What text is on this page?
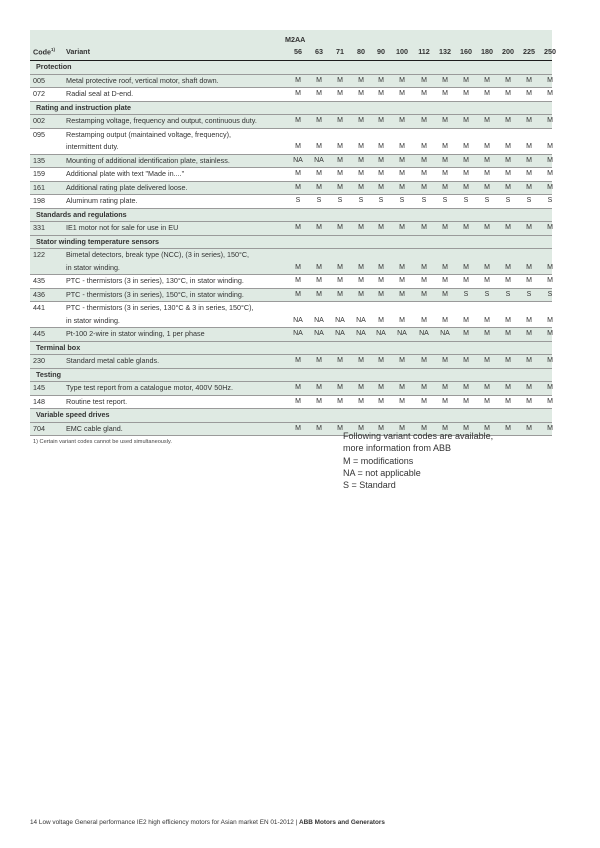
M2AA
Code$^{1)}$ Variant	56	63	71	80	90	100	112	132	160	180	200	225	250
Protection
005	Metal protective roof, vertical motor, shaft down.	M	M	M	M	M	M	M	M	M	M	M	M	M
072	Radial seal at D-end.	M	M	M	M	M	M	M	M	M	M	M	M	M
Rating and instruction plate
002	Restamping voltage, frequency and output, continuous duty.	M	M	M	M	M	M	M	M	M	M	M	M	M
095	Restamping output (maintained voltage, frequency),
intermittent duty.	M	M	M	M	M	M	M	M	M	M	M	M	M
135	Mounting of additional identification plate, stainless.	NA	NA	M	M	M	M	M	M	M	M	M	M	M
159	Additional plate with text "Made in...."	M	M	M	M	M	M	M	M	M	M	M	M	M
161	Additional rating plate delivered loose.	M	M	M	M	M	M	M	M	M	M	M	M	M
198	Aluminum rating plate.	S	S	S	S	S	S	S	S	S	S	S	S	S
Standards and regulations
331	IE1 motor not for sale for use in EU	M	M	M	M	M	M	M	M	M	M	M	M	M
Stator winding temperature sensors
122	Bimetal detectors, break type (NCC), (3 in series), 150°C,
in stator winding.	M	M	M	M	M	M	M	M	M	M	M	M	M
435	PTC - thermistors (3 in series), 130°C, in stator winding.	M	M	M	M	M	M	M	M	M	M	M	M	M
436	PTC - thermistors (3 in series), 150°C, in stator winding.	M	M	M	M	M	M	M	M	S	S	S	S	S
441	PTC - thermistors (3 in series, 130°C & 3 in series, 150°C),
in stator winding.	NA	NA	NA	NA	M	M	M	M	M	M	M	M	M
445	Pt-100 2-wire in stator winding, 1 per phase	NA	NA	NA	NA	NA	NA	NA	NA	M	M	M	M	M
Terminal box
230	Standard metal cable glands.	M	M	M	M	M	M	M	M	M	M	M	M	M
Testing
145	Type test report from a catalogue motor, 400V 50Hz.	M	M	M	M	M	M	M	M	M	M	M	M	M
148	Routine test report.	M	M	M	M	M	M	M	M	M	M	M	M	M
Variable speed drives
704	EMC cable gland.	M	M	M	M	M	M	M	M	M	M	M	M	M
1) Certain variant codes cannot be used simultaneously.
Following variant codes are available,
more information from ABB
M = modifications
NA = not applicable
S = Standard
14 Low voltage General performance IE2 high efficiency motors for Asian market EN 01-2012 | ABB Motors and Generators
